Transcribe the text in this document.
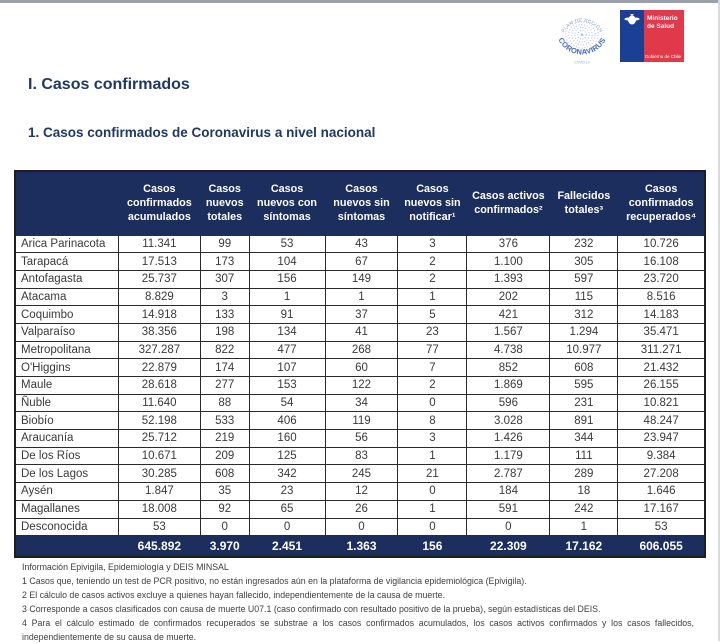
PLAN DE ACCIÓN
CORONAVIRUS
COVID-19
Ministerio de Salud
Gobierno de Chile
I. Casos confirmados
1. Casos confirmados de Coronavirus a nivel nacional
	Casos confirmados acumulados	Casos nuevos totales	Casos nuevos con síntomas	Casos nuevos sin síntomas	Casos nuevos sin notificar¹	Casos activos confirmados²	Fallecidos totales³	Casos confirmados recuperados⁴
Arica Parinacota	11.341	99	53	43	3	376	232	10.726
Tarapacá	17.513	173	104	67	2	1.100	305	16.108
Antofagasta	25.737	307	156	149	2	1.393	597	23.720
Atacama	8.829	3	1	1	1	202	115	8.516
Coquimbo	14.918	133	91	37	5	421	312	14.183
Valparaíso	38.356	198	134	41	23	1.567	1.294	35.471
Metropolitana	327.287	822	477	268	77	4.738	10.977	311.271
O'Higgins	22.879	174	107	60	7	852	608	21.432
Maule	28.618	277	153	122	2	1.869	595	26.155
Ñuble	11.640	88	54	34	0	596	231	10.821
Biobío	52.198	533	406	119	8	3.028	891	48.247
Araucanía	25.712	219	160	56	3	1.426	344	23.947
De los Ríos	10.671	209	125	83	1	1.179	111	9.384
De los Lagos	30.285	608	342	245	21	2.787	289	27.208
Aysén	1.847	35	23	12	0	184	18	1.646
Magallanes	18.008	92	65	26	1	591	242	17.167
Desconocida	53	0	0	0	0	0	1	53
	645.892	3.970	2.451	1.363	156	22.309	17.162	606.055

Información Epivigila, Epidemiología y DEIS MINSAL

1 Casos que, teniendo un test de PCR positivo, no están ingresados aún en la plataforma de vigilancia epidemiológica (Epivigila).

2 El cálculo de casos activos excluye a quienes hayan fallecido, independientemente de la causa de muerte.

3 Corresponde a casos clasificados con causa de muerte U07.1 (caso confirmado con resultado positivo de la prueba), según estadísticas del DEIS.

4 Para el cálculo estimado de confirmados recuperados se substrae a los casos confirmados acumulados, los casos activos confirmados y los casos fallecidos, independientemente de su causa de muerte.
